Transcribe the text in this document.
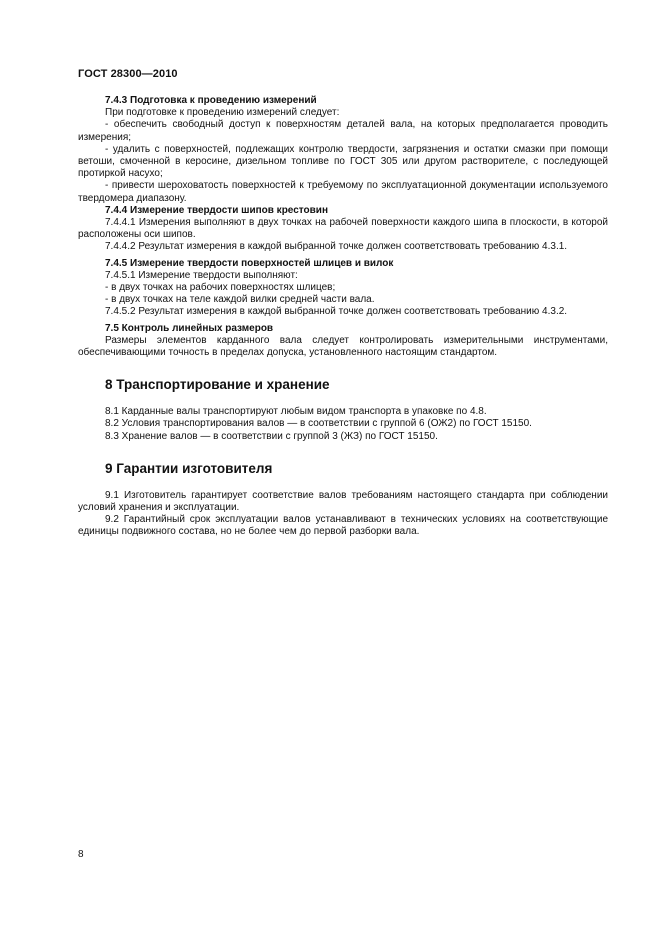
ГОСТ 28300—2010
7.4.3 Подготовка к проведению измерений

При подготовке к проведению измерений следует:

- обеспечить свободный доступ к поверхностям деталей вала, на которых предполагается проводить измерения;

- удалить с поверхностей, подлежащих контролю твердости, загрязнения и остатки смазки при помощи ветоши, смоченной в керосине, дизельном топливе по ГОСТ 305 или другом растворителе, с последующей протиркой насухо;

- привести шероховатость поверхностей к требуемому по эксплуатационной документации используемого твердомера диапазону.

7.4.4 Измерение твердости шипов крестовин

7.4.4.1 Измерения выполняют в двух точках на рабочей поверхности каждого шипа в плоскости, в которой расположены оси шипов.

7.4.4.2 Результат измерения в каждой выбранной точке должен соответствовать требованию 4.3.1.

7.4.5 Измерение твердости поверхностей шлицев и вилок

7.4.5.1 Измерение твердости выполняют:

- в двух точках на рабочих поверхностях шлицев;

- в двух точках на теле каждой вилки средней части вала.

7.4.5.2 Результат измерения в каждой выбранной точке должен соответствовать требованию 4.3.2.

7.5 Контроль линейных размеров

Размеры элементов карданного вала следует контролировать измерительными инструментами, обеспечивающими точность в пределах допуска, установленного настоящим стандартом.

8 Транспортирование и хранение

8.1 Карданные валы транспортируют любым видом транспорта в упаковке по 4.8.

8.2 Условия транспортирования валов — в соответствии с группой 6 (ОЖ2) по ГОСТ 15150.

8.3 Хранение валов — в соответствии с группой 3 (ЖЗ) по ГОСТ 15150.

9 Гарантии изготовителя

9.1 Изготовитель гарантирует соответствие валов требованиям настоящего стандарта при соблюдении условий хранения и эксплуатации.

9.2 Гарантийный срок эксплуатации валов устанавливают в технических условиях на соответствующие единицы подвижного состава, но не более чем до первой разборки вала.

8
